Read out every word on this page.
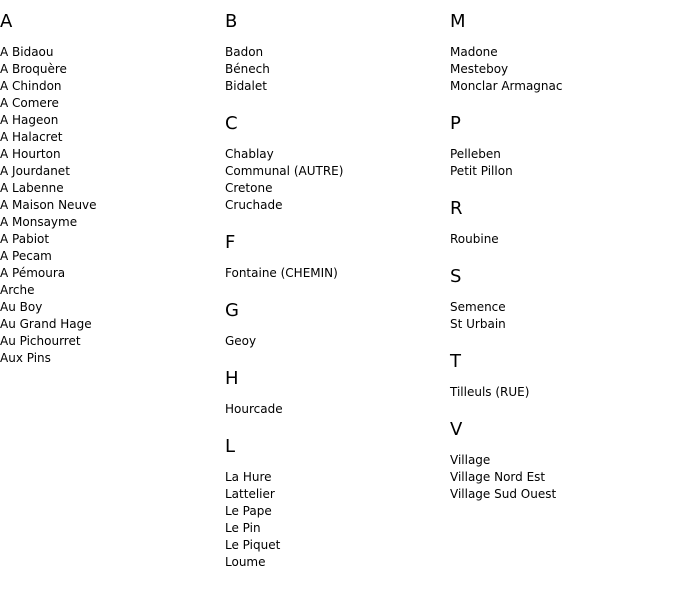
A
A Bidaou
A Broquère
A Chindon
A Comere
A Hageon
A Halacret
A Hourton
A Jourdanet
A Labenne
A Maison Neuve
A Monsayme
A Pabiot
A Pecam
A Pémoura
Arche
Au Boy
Au Grand Hage
Au Pichourret
Aux Pins
B
Badon
Bénech
Bidalet
C
Chablay
Communal (AUTRE)
Cretone
Cruchade
F
Fontaine (CHEMIN)
G
Geoy
H
Hourcade
L
La Hure
Lattelier
Le Pape
Le Pin
Le Piquet
Loume
M
Madone
Mesteboy
Monclar Armagnac
P
Pelleben
Petit Pillon
R
Roubine
S
Semence
St Urbain
T
Tilleuls (RUE)
V
Village
Village Nord Est
Village Sud Ouest
